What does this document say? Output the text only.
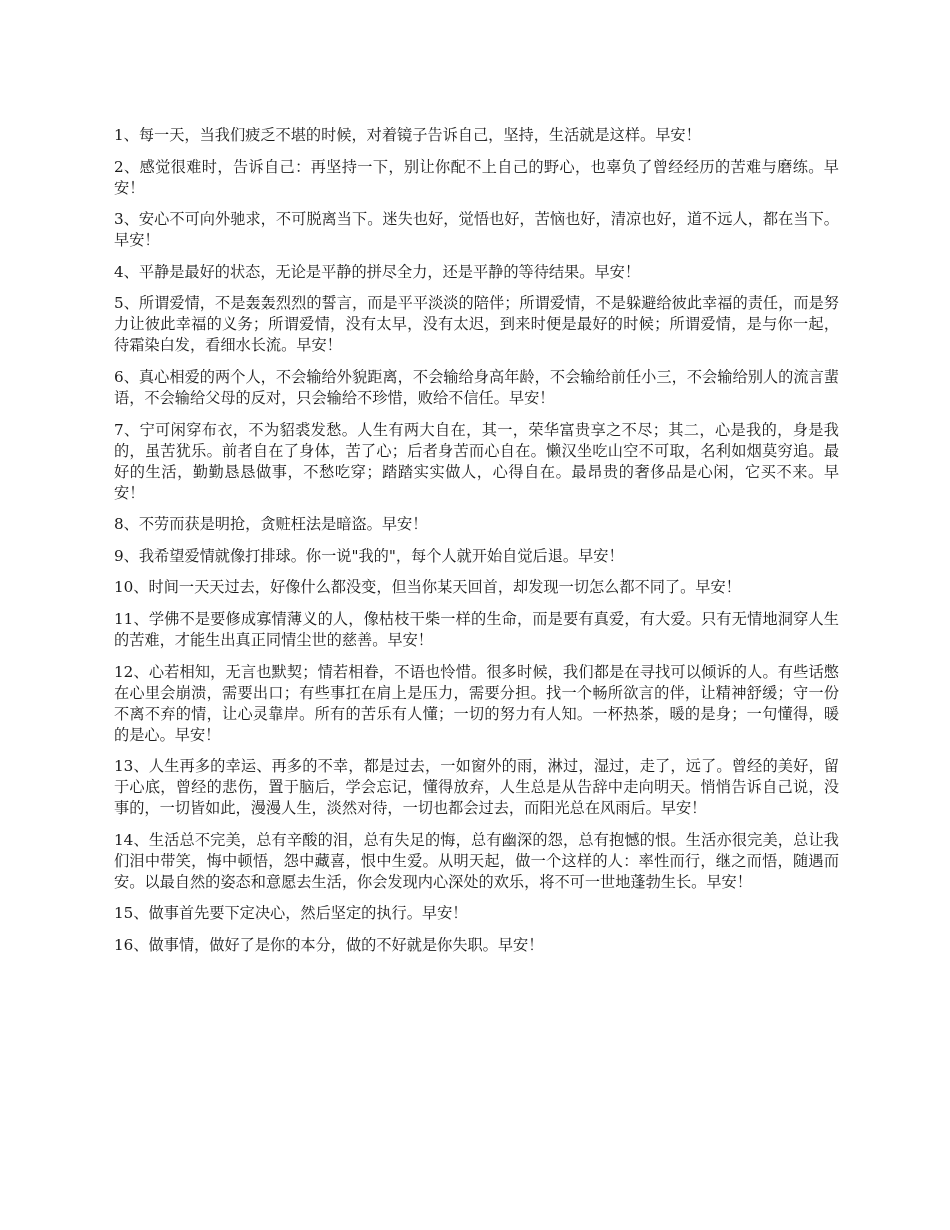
1、每一天，当我们疲乏不堪的时候，对着镜子告诉自己，坚持，生活就是这样。早安！

2、感觉很难时，告诉自己：再坚持一下，别让你配不上自己的野心，也辜负了曾经经历的苦难与磨练。早安！

3、安心不可向外驰求，不可脱离当下。迷失也好，觉悟也好，苦恼也好，清凉也好，道不远人，都在当下。早安！

4、平静是最好的状态，无论是平静的拼尽全力，还是平静的等待结果。早安！

5、所谓爱情，不是轰轰烈烈的誓言，而是平平淡淡的陪伴；所谓爱情，不是躲避给彼此幸福的责任，而是努力让彼此幸福的义务；所谓爱情，没有太早，没有太迟，到来时便是最好的时候；所谓爱情，是与你一起，待霜染白发，看细水长流。早安！

6、真心相爱的两个人，不会输给外貌距离，不会输给身高年龄，不会输给前任小三，不会输给别人的流言蜚语，不会输给父母的反对，只会输给不珍惜，败给不信任。早安！

7、宁可闲穿布衣，不为貂裘发愁。人生有两大自在，其一，荣华富贵享之不尽；其二，心是我的，身是我的，虽苦犹乐。前者自在了身体，苦了心；后者身苦而心自在。懒汉坐吃山空不可取，名利如烟莫穷追。最好的生活，勤勤恳恳做事，不愁吃穿；踏踏实实做人，心得自在。最昂贵的奢侈品是心闲，它买不来。早安！

8、不劳而获是明抢，贪赃枉法是暗盗。早安！

9、我希望爱情就像打排球。你一说"我的"，每个人就开始自觉后退。早安！

10、时间一天天过去，好像什么都没变，但当你某天回首，却发现一切怎么都不同了。早安！

11、学佛不是要修成寡情薄义的人，像枯枝干柴一样的生命，而是要有真爱，有大爱。只有无情地洞穿人生的苦难，才能生出真正同情尘世的慈善。早安！

12、心若相知，无言也默契；情若相眷，不语也怜惜。很多时候，我们都是在寻找可以倾诉的人。有些话憋在心里会崩溃，需要出口；有些事扛在肩上是压力，需要分担。找一个畅所欲言的伴，让精神舒缓；守一份不离不弃的情，让心灵靠岸。所有的苦乐有人懂；一切的努力有人知。一杯热茶，暖的是身；一句懂得，暖的是心。早安！

13、人生再多的幸运、再多的不幸，都是过去，一如窗外的雨，淋过，湿过，走了，远了。曾经的美好，留于心底，曾经的悲伤，置于脑后，学会忘记，懂得放弃，人生总是从告辞中走向明天。悄悄告诉自己说，没事的，一切皆如此，漫漫人生，淡然对待，一切也都会过去，而阳光总在风雨后。早安！

14、生活总不完美，总有辛酸的泪，总有失足的悔，总有幽深的怨，总有抱憾的恨。生活亦很完美，总让我们泪中带笑，悔中顿悟，怨中藏喜，恨中生爱。从明天起，做一个这样的人：率性而行，继之而悟，随遇而安。以最自然的姿态和意愿去生活，你会发现内心深处的欢乐，将不可一世地蓬勃生长。早安！

15、做事首先要下定决心，然后坚定的执行。早安！

16、做事情，做好了是你的本分，做的不好就是你失职。早安！
